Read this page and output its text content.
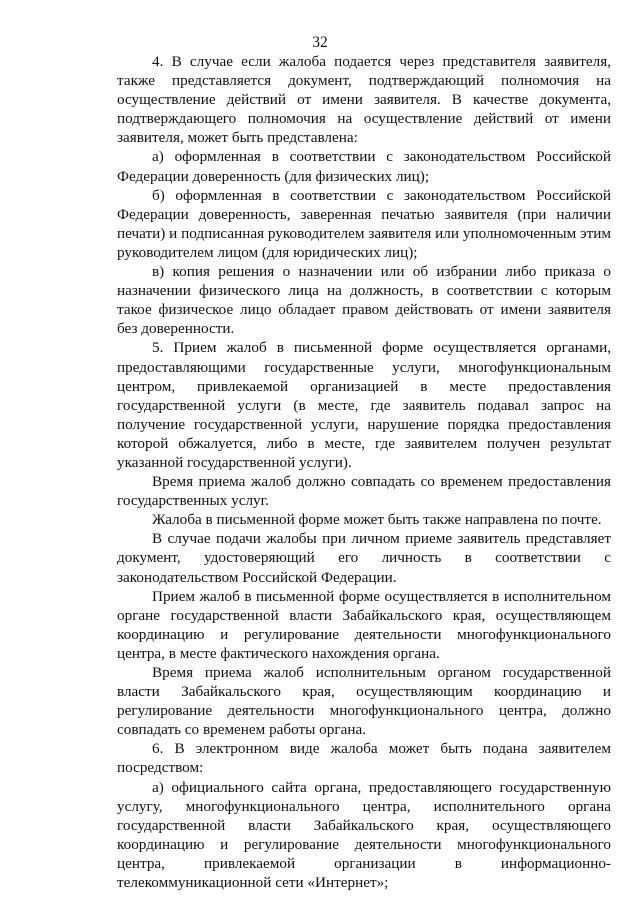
32

4. В случае если жалоба подается через представителя заявителя, также представляется документ, подтверждающий полномочия на осуществление действий от имени заявителя. В качестве документа, подтверждающего полномочия на осуществление действий от имени заявителя, может быть представлена:

а) оформленная в соответствии с законодательством Российской Федерации доверенность (для физических лиц);

б) оформленная в соответствии с законодательством Российской Федерации доверенность, заверенная печатью заявителя (при наличии печати) и подписанная руководителем заявителя или уполномоченным этим руководителем лицом (для юридических лиц);

в) копия решения о назначении или об избрании либо приказа о назначении физического лица на должность, в соответствии с которым такое физическое лицо обладает правом действовать от имени заявителя без доверенности.

5. Прием жалоб в письменной форме осуществляется органами, предоставляющими государственные услуги, многофункциональным центром, привлекаемой организацией в месте предоставления государственной услуги (в месте, где заявитель подавал запрос на получение государственной услуги, нарушение порядка предоставления которой обжалуется, либо в месте, где заявителем получен результат указанной государственной услуги).

Время приема жалоб должно совпадать со временем предоставления государственных услуг.

Жалоба в письменной форме может быть также направлена по почте.

В случае подачи жалобы при личном приеме заявитель представляет документ, удостоверяющий его личность в соответствии с законодательством Российской Федерации.

Прием жалоб в письменной форме осуществляется в исполнительном органе государственной власти Забайкальского края, осуществляющем координацию и регулирование деятельности многофункционального центра, в месте фактического нахождения органа.

Время приема жалоб исполнительным органом государственной власти Забайкальского края, осуществляющим координацию и регулирование деятельности многофункционального центра, должно совпадать со временем работы органа.

6. В электронном виде жалоба может быть подана заявителем посредством:

а) официального сайта органа, предоставляющего государственную услугу, многофункционального центра, исполнительного органа государственной власти Забайкальского края, осуществляющего координацию и регулирование деятельности многофункционального центра, привлекаемой организации в информационно-телекоммуникационной сети «Интернет»;
